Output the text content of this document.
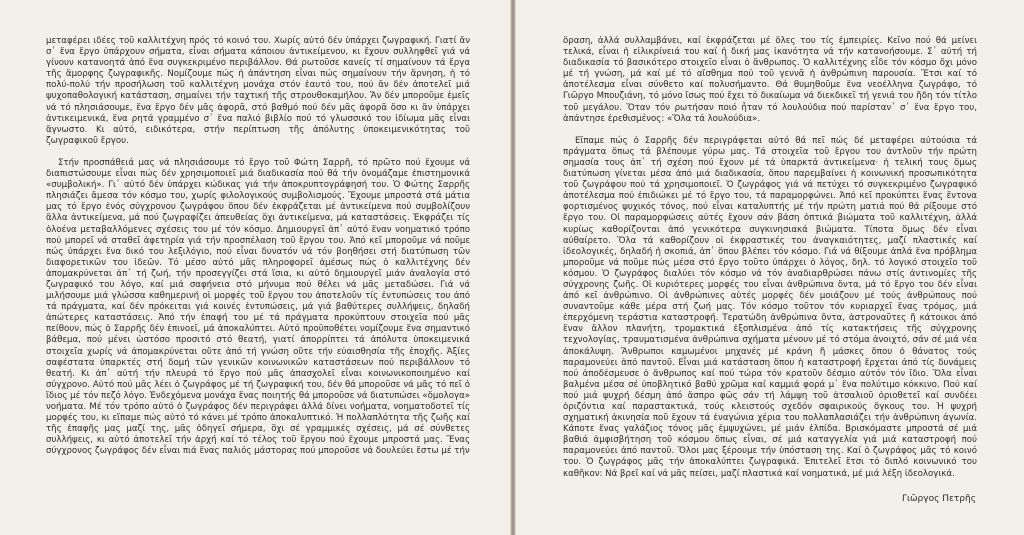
μεταφέρει ιδέες τοῦ καλλιτέχνη πρός τό κοινό του. Χωρίς αὐτό δέν ὑπάρχει ζωγραφική. Γιατί ἄν σ᾿ ἕνα ἔργο ὑπάρχουν σήματα, εἶναι σήματα κάποιου ἀντικείμενου, κι ἔχουν συλληφθεῖ γιά νά γίνουν κατανοητά ἀπό ἕνα συγκεκριμένο περιβάλλον. Θά ρωτοῦσε κανείς τί σημαίνουν τά ἔργα τῆς ἄμορφης ζωγραφικῆς. Νομίζουμε πώς ἡ ἀπάντηση εἶναι πώς σημαίνουν τήν ἄρνηση, ἡ τό πολύ-πολύ τήν προσήλωση τοῦ καλλιτέχνη μονάχα στόν ἑαυτό του, πού ἄν δέν ἀποτελεῖ μιά ψυχοπαθολογική κατάσταση, σημαίνει τήν ταχτική τῆς στρουθοκαμήλου. Ἄν δέν μποροῦμε ἐμεῖς νά τό πλησιάσουμε, ἕνα ἔργο δέν μᾶς ἀφορᾶ, στό βαθμό πού δέν μᾶς ἀφορᾶ ὅσο κι ἄν ὑπάρχει ἀντικειμενικά, ἕνα ρητά γραμμένο σ᾿ ἕνα παλιό βιβλίο πού τό γλωσσικό του ἰδίωμα μᾶς εἶναι ἄγνωστο. Κι αὐτό, ειδικότερα, στήν περίπτωση τῆς ἀπόλυτης ὑποκειμενικότητας τοῦ ζωγραφικοῦ ἔργου.

Στήν προσπάθειά μας νά πλησιάσουμε τό ἔργο τοῦ Φώτη Σαρρῆ, τό πρῶτο πού ἔχουμε νά διαπιστώσουμε εἶναι πώς δέν χρησιμοποιεῖ μιά διαδικασία πού θά τήν ὀνομάζαμε ἐπιστημονικά «συμβολική». Γι᾿ αὐτό δέν ὑπάρχει κώδικας γιά τήν ἀποκρυπτογράφησή του. Ὁ Φώτης Σαρρῆς πλησιάζει ἄμεσα τόν κόσμο του, χωρίς φιλολογικούς συμβολισμούς. Ἔχουμε μπροστά στά μάτια μας τό ἔργο ἑνός σύγχρονου ζωγράφου ὅπου δέν ἐκφράζεται μέ ἀντικείμενα πού συμβολίζουν ἄλλα ἀντικείμενα, μά πού ζωγραφίζει ἀπευθείας ὅχι ἀντικείμενα, μά καταστάσεις. Ἐκφράζει τίς ὁλοένα μεταβαλλόμενες σχέσεις του μέ τόν κόσμο. Δημιουργεῖ ἀπ᾿ αὐτό ἕναν νοηματικό τρόπο πού μπορεῖ νά σταθεῖ ἀφετηρία γιά τήν προσπέλαση τοῦ ἔργου του. Ἀπό κεῖ μποροῦμε νά ποῦμε πώς ὑπάρχει ἕνα δικό του λεξιλόγιο, πού εἶναι δυνατόν νά τόν βοηθήσει στή διατύπωση τῶν διαφορετικῶν του ἰδεῶν. Τό μέσο αὐτό μᾶς πληροφορεῖ ἀμέσως πώς ὁ καλλιτέχνης δέν ἀπομακρύνεται ἀπ᾿ τή ζωή, τήν προσεγγίζει στά ἴσια, κι αὐτό δημιουργεῖ μιάν ἀναλογία στό ζωγραφικό του λόγο, καί μιά σαφήνεια στό μήνυμα πού θέλει νά μᾶς μεταδώσει. Γιά νά μιλήσουμε μιά γλώσσα καθημερινή οἱ μορφές τοῦ ἔργου του ἀποτελοῦν τίς ἐντυπώσεις του ἀπό τά πράγματα, καί δέν πρόκειται γιά κοινές ἐντυπώσεις, μά γιά βαθύτερες συλλήψεις, δηλαδή ἀπώτερες καταστάσεις. Ἀπό τήν ἐπαφή του μέ τά πράγματα προκύπτουν στοιχεῖα πού μᾶς πείθουν, πώς ὁ Σαρρῆς δέν ἐπινοεῖ, μά ἀποκαλύπτει. Αὐτό προϋποθέτει νομίζουμε ἕνα σημαντικό βάθεμα, πού μένει ὡστόσο προσιτό στό θεατή, γιατί ἀπορρίπτει τά ἀπόλυτα ὑποκειμενικά στοιχεῖα χωρίς νά ἀπομακρύνεται οὔτε ἀπό τή γνώση οὔτε τήν εὐαισθησία τῆς ἐποχῆς. Ἀξίες σαφέστατα ὑπαρκτές στή δομή τῶν γενικῶν κοινωνικῶν καταστάσεων πού περιβάλλουν τό θεατή. Κι ἀπ᾿ αὐτή τήν πλευρά τό ἔργο πού μᾶς ἀπασχολεῖ εἶναι κοινωνικοποιημένο καί σύγχρονο. Αὐτό πού μᾶς λέει ὁ ζωγράφος μέ τή ζωγραφική του, δέν θά μποροῦσε νά μᾶς τό πεῖ ὁ ἴδιος μέ τόν πεζό λόγο. Ἐνδεχόμενα μονάχα ἕνας ποιητής θά μποροῦσε νά διατυπώσει «ὅμολογα» νοήματα. Μέ τόν τρόπο αὐτό ὁ ζωγράφος δέν περιγράφει ἀλλά δίνει νοήματα, νοηματοδοτεῖ τίς μορφές του, κι εἴπαμε πώς αὐτό τό κάνει μέ τρόπο ἀποκαλυπτικό. Ἡ πολλαπλότητα τῆς ζωῆς καί τῆς ἐπαφῆς μας μαζί της, μᾶς ὁδηγεῖ σήμερα, ὅχι σέ γραμμικές σχέσεις, μά σέ σύνθετες συλλήψεις, κι αὐτό ἀποτελεῖ τήν ἀρχή καί τό τέλος τοῦ ἔργου πού ἔχουμε μπροστά μας. Ἕνας σύγχρονος ζωγράφος δέν εἶναι πιά ἕνας παλιός μάστορας πού μποροῦσε νά δουλεύει ἔστω μέ τήν

ὅραση, ἀλλά συλλαμβάνει, καί ἐκφράζεται μέ ὅλες του τίς ἐμπειρίες. Κεῖνο πού θά μείνει τελικά, εἶναι ἡ εἰλικρίνειά του καί ἡ δική μας ἱκανότητα νά τήν κατανοήσουμε. Σ᾿ αὐτή τή διαδικασία τό βασικότερο στοιχεῖο εἶναι ὁ ἄνθρωπος. Ὁ καλλιτέχνης εἶδε τόν κόσμο ὅχι μόνο μέ τή γνώση, μά καί μέ τό αἴσθημα πού τοῦ γεννᾶ ἡ ἀνθρώπινη παρουσία. Ἔτσι καί τό ἀποτέλεσμα εἶναι σύνθετο καί πολυσήμαντο. Θά θυμηθοῦμε ἕνα νεοέλληνα ζωγράφο, τό Γιῶργο Μπουζιάνη, τό μόνο ἴσως πού ἔχει τό δικαίωμα νά διεκδικεῖ τή γενιά του ἤδη τόν τίτλο τοῦ μεγάλου. Ὅταν τόν ρωτήσαν ποιό ἦταν τό λουλούδια πού παρίσταν᾿ σ᾿ ἕνα ἔργο του, ἀπάντησε ἐρεθισμένος: «Ὅλα τά λουλούδια».

Εἴπαμε πώς ὁ Σαρρῆς δέν περιγράφεται αὐτό θά πεῖ πώς δέ μεταφέρει αὐτούσια τά πράγματα ὅπως τά βλέπουμε γύρω μας. Τά στοιχεῖα τοῦ ἔργου του ἀντλοῦν τήν πρώτη σημασία τους ἀπ᾿ τή σχέση πού ἔχουν μέ τά ὑπαρκτά ἀντικείμενα· ἡ τελική τους ὅμως διατύπωση γίνεται μέσα ἀπό μιά διαδικασία, ὅπου παρεμβαίνει ἡ κοινωνική προσωπικότητα τοῦ ζωγράφου πού τά χρησιμοποιεῖ. Ὁ ζωγράφος γιά νά πετύχει τό συγκεκριμένο ζωγραφικό ἀποτέλεσμα πού ἐπιδιώκει μέ τό ἔργο του, τά παραμορφώνει. Ἀπό κεῖ προκύπτει ἕνας ἔντονα φορτισμένος ψυχικός τόνος, πού εἶναι καταλυπτής μέ τήν πρώτη ματιά πού θά ρίξουμε στό ἔργο του. Οἱ παραμορφώσεις αὐτές ἔχουν σάν βάση ὀπτικά βιώματα τοῦ καλλιτέχνη, ἀλλά κυρίως καθορίζονται ἀπό γενικότερα συγκινησιακά βιώματα. Τίποτα ὅμως δέν εἶναι αὐθαίρετο. Ὅλα τά καθορίζουν οἱ ἐκφραστικές του ἀναγκαιότητες, μαζί πλαστικές καί ἰδεολογικές, δηλαδή ἡ σκοπιά, ἀπ᾿ ὅπου βλέπει τόν κόσμο. Γιά νά θίξουμε ἀπλά ἕνα πρόβλημα μποροῦμε νά ποῦμε πώς μέσα στό ἔργο τοῦτο ὑπάρχει ὁ λόγος, δηλ. τό λογικό στοιχεῖο τοῦ κόσμου. Ὁ ζωγράφος διαλύει τόν κόσμο νά τόν ἀναδιαρθρώσει πάνω στίς ἀντινομίες τῆς σύγχρονης ζωῆς. Οἱ κυριότερες μορφές του εἶναι ἀνθρώπινα ὄντα, μά τό ἔργο του δέν εἶναι ἀπό κεῖ ἀνθρώπινο. Οἱ ἀνθρώπινες αὐτές μορφές δέν μοιάζουν μέ τούς ἀνθρώπους πού συναντοῦμε κάθε μέρα στή ζωή μας. Τόν κόσμο τοῦτον τόν κυριαρχεῖ ἕνας τρόμος, μιά ἐπερχόμενη τεράστια καταστροφή. Τερατώδη ἀνθρώπινα ὄντα, ἀστροναῦτες ἤ κάτοικοι ἀπό ἕναν ἄλλον πλανήτη, τρομακτικά ἐξοπλισμένα ἀπό τίς κατακτήσεις τῆς σύγχρονης τεχνολογίας, τραυματισμένα ἀνθρώπινα σχήματα μένουν μέ τό στόμα ἀνοιχτό, σάν σέ μιά νέα ἀποκάλυψη. Ἄνθρωποι καμωμένοι μηχανές μέ κράνη ἤ μάσκες ὅπου ὁ θάνατος τούς παραμονεύει ἀπό παντοῦ. Εἶναι μιά κατάσταση ὅπου ἡ καταστροφή ἔρχεται ἀπό τίς δυνάμεις πού ἀποδέσμευσε ὁ ἄνθρωπος καί πού τώρα τόν κρατοῦν δέσμιο αὐτόν τόν ἴδιο. Ὅλα εἶναι βαλμένα μέσα σέ ὑποβλητικό βαθύ χρῶμα καί καμμιά φορά μ᾿ ἕνα πολύτιμο κόκκινο. Πού καί πού μιά ψυχρή δέσμη ἀπό ἄσπρο φῶς σάν τή λάμψη τοῦ ἀτσαλιοῦ ὁριοθετεῖ καί συνδέει ὁριζόντια καί παραστακτικά, τούς κλειστούς σχεδόν σφαιρικούς ὄγκους του. Ἡ ψυχρή σχηματική ἀκινησία ποῦ ἔχουν τά ἐναγώνια χέρια του πολλαπλασιάζει τήν ἀνθρώπινη ἀγωνία. Κάποτε ἕνας γαλάζιος τόνος μᾶς ἐμψυχώνει, μέ μιάν ἐλπίδα. Βρισκόμαστε μπροστά σέ μιά βαθιά ἀμφισβήτηση τοῦ κόσμου ὅπως εἶναι, σέ μιά καταγγελία γιά μιά καταστροφή πού παραμονεύει ἀπό παντοῦ. Ὅλοι μας ξέρουμε τήν ὑπόσταση της. Καί ὁ ζωγράφος μᾶς τό κοινό του. Ὁ ζωγράφος μᾶς τήν ἀποκαλύπτει ζωγραφικά. Ἐπιτελεῖ ἔτσι τό διπλό κοινωνικό του καθῆκον: Νά βρεῖ καί νά μᾶς πείσει, μαζί πλαστικά καί νοηματικά, μέ μιά λέξη ἰδεολογικά.

Γιῶργος Πετρῆς
